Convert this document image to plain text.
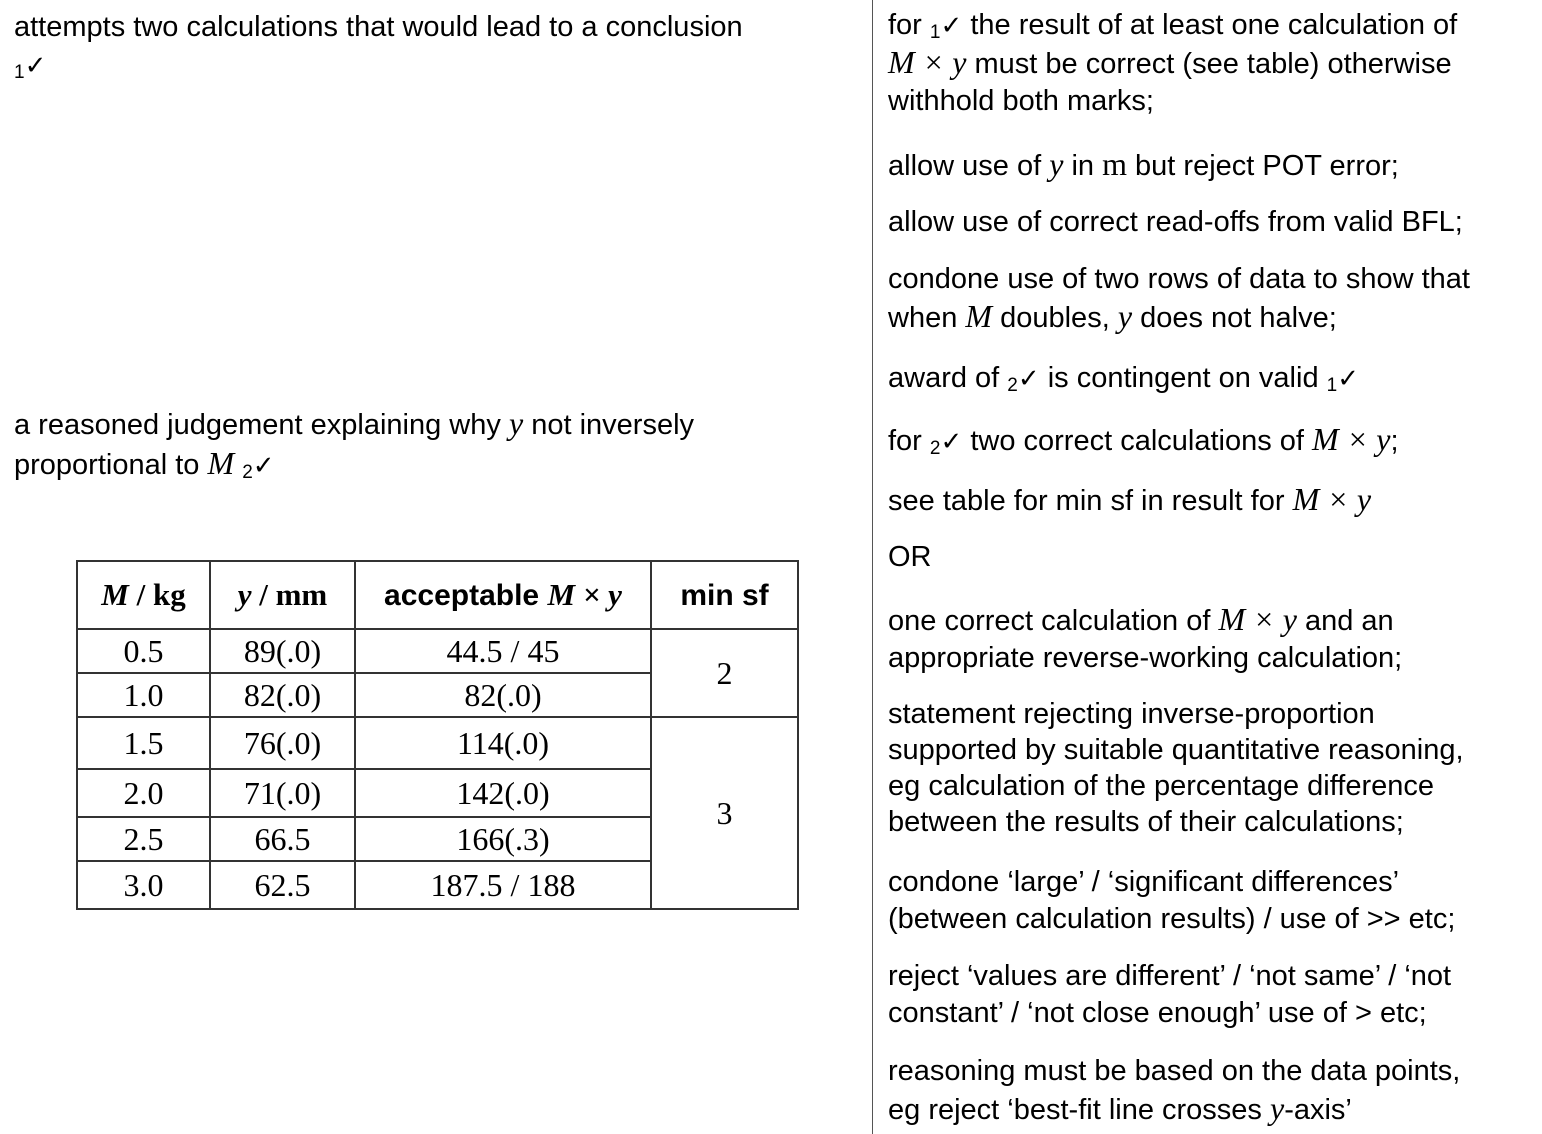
attempts two calculations that would lead to a conclusion
$_1$✓
a reasoned judgement explaining why y not inversely
proportional to M $_2$✓
M / kg	y / mm	acceptable M × y	min sf
0.5	89(.0)	44.5 / 45	2
1.0	82(.0)	82(.0)	
1.5	76(.0)	114(.0)	3
2.0	71(.0)	142(.0)	
2.5	66.5	166(.3)	
3.0	62.5	187.5 / 188	
for $_1$✓ the result of at least one calculation of
M × y must be correct (see table) otherwise
withhold both marks;
allow use of y in m but reject POT error;
allow use of correct read-offs from valid BFL;
condone use of two rows of data to show that
when M doubles, y does not halve;
award of $_2$✓ is contingent on valid $_1$✓
for $_2$✓ two correct calculations of M × y;
see table for min sf in result for M × y
OR
one correct calculation of M × y and an
appropriate reverse-working calculation;
statement rejecting inverse-proportion
supported by suitable quantitative reasoning,
eg calculation of the percentage difference
between the results of their calculations;
condone ‘large’ / ‘significant differences’
(between calculation results) / use of >> etc;
reject ‘values are different’ / ‘not same’ / ‘not
constant’ / ‘not close enough’ use of > etc;
reasoning must be based on the data points,
eg reject ‘best-fit line crosses y-axis’
